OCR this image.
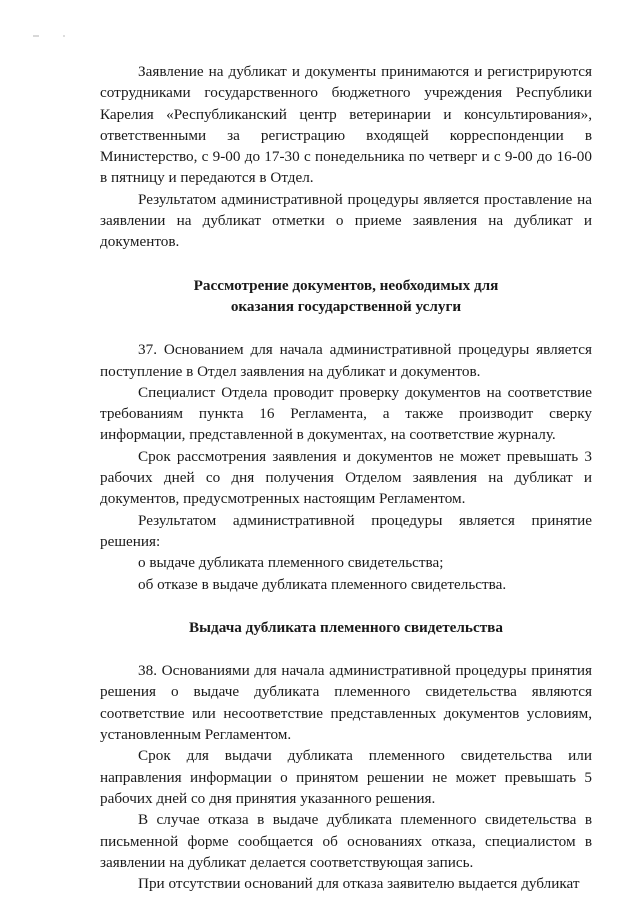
Заявление на дубликат и документы принимаются и регистрируются сотрудниками государственного бюджетного учреждения Республики Карелия «Республиканский центр ветеринарии и консультирования», ответственными за регистрацию входящей корреспонденции в Министерство, с 9-00 до 17-30 с понедельника по четверг и с 9-00 до 16-00 в пятницу и передаются в Отдел.

Результатом административной процедуры является проставление на заявлении на дубликат отметки о приеме заявления на дубликат и документов.

Рассмотрение документов, необходимых для

оказания государственной услуги

37. Основанием для начала административной процедуры является поступление в Отдел заявления на дубликат и документов.

Специалист Отдела проводит проверку документов на соответствие требованиям пункта 16 Регламента, а также производит сверку информации, представленной в документах, на соответствие журналу.

Срок рассмотрения заявления и документов не может превышать 3 рабочих дней со дня получения Отделом заявления на дубликат и документов, предусмотренных настоящим Регламентом.

Результатом административной процедуры является принятие решения:

о выдаче дубликата племенного свидетельства;

об отказе в выдаче дубликата племенного свидетельства.

Выдача дубликата племенного свидетельства

38. Основаниями для начала административной процедуры принятия решения о выдаче дубликата племенного свидетельства являются соответствие или несоответствие представленных документов условиям, установленным Регламентом.

Срок для выдачи дубликата племенного свидетельства или направления информации о принятом решении не может превышать 5 рабочих дней со дня принятия указанного решения.

В случае отказа в выдаче дубликата племенного свидетельства в письменной форме сообщается об основаниях отказа, специалистом в заявлении на дубликат делается соответствующая запись.

При отсутствии оснований для отказа заявителю выдается дубликат
